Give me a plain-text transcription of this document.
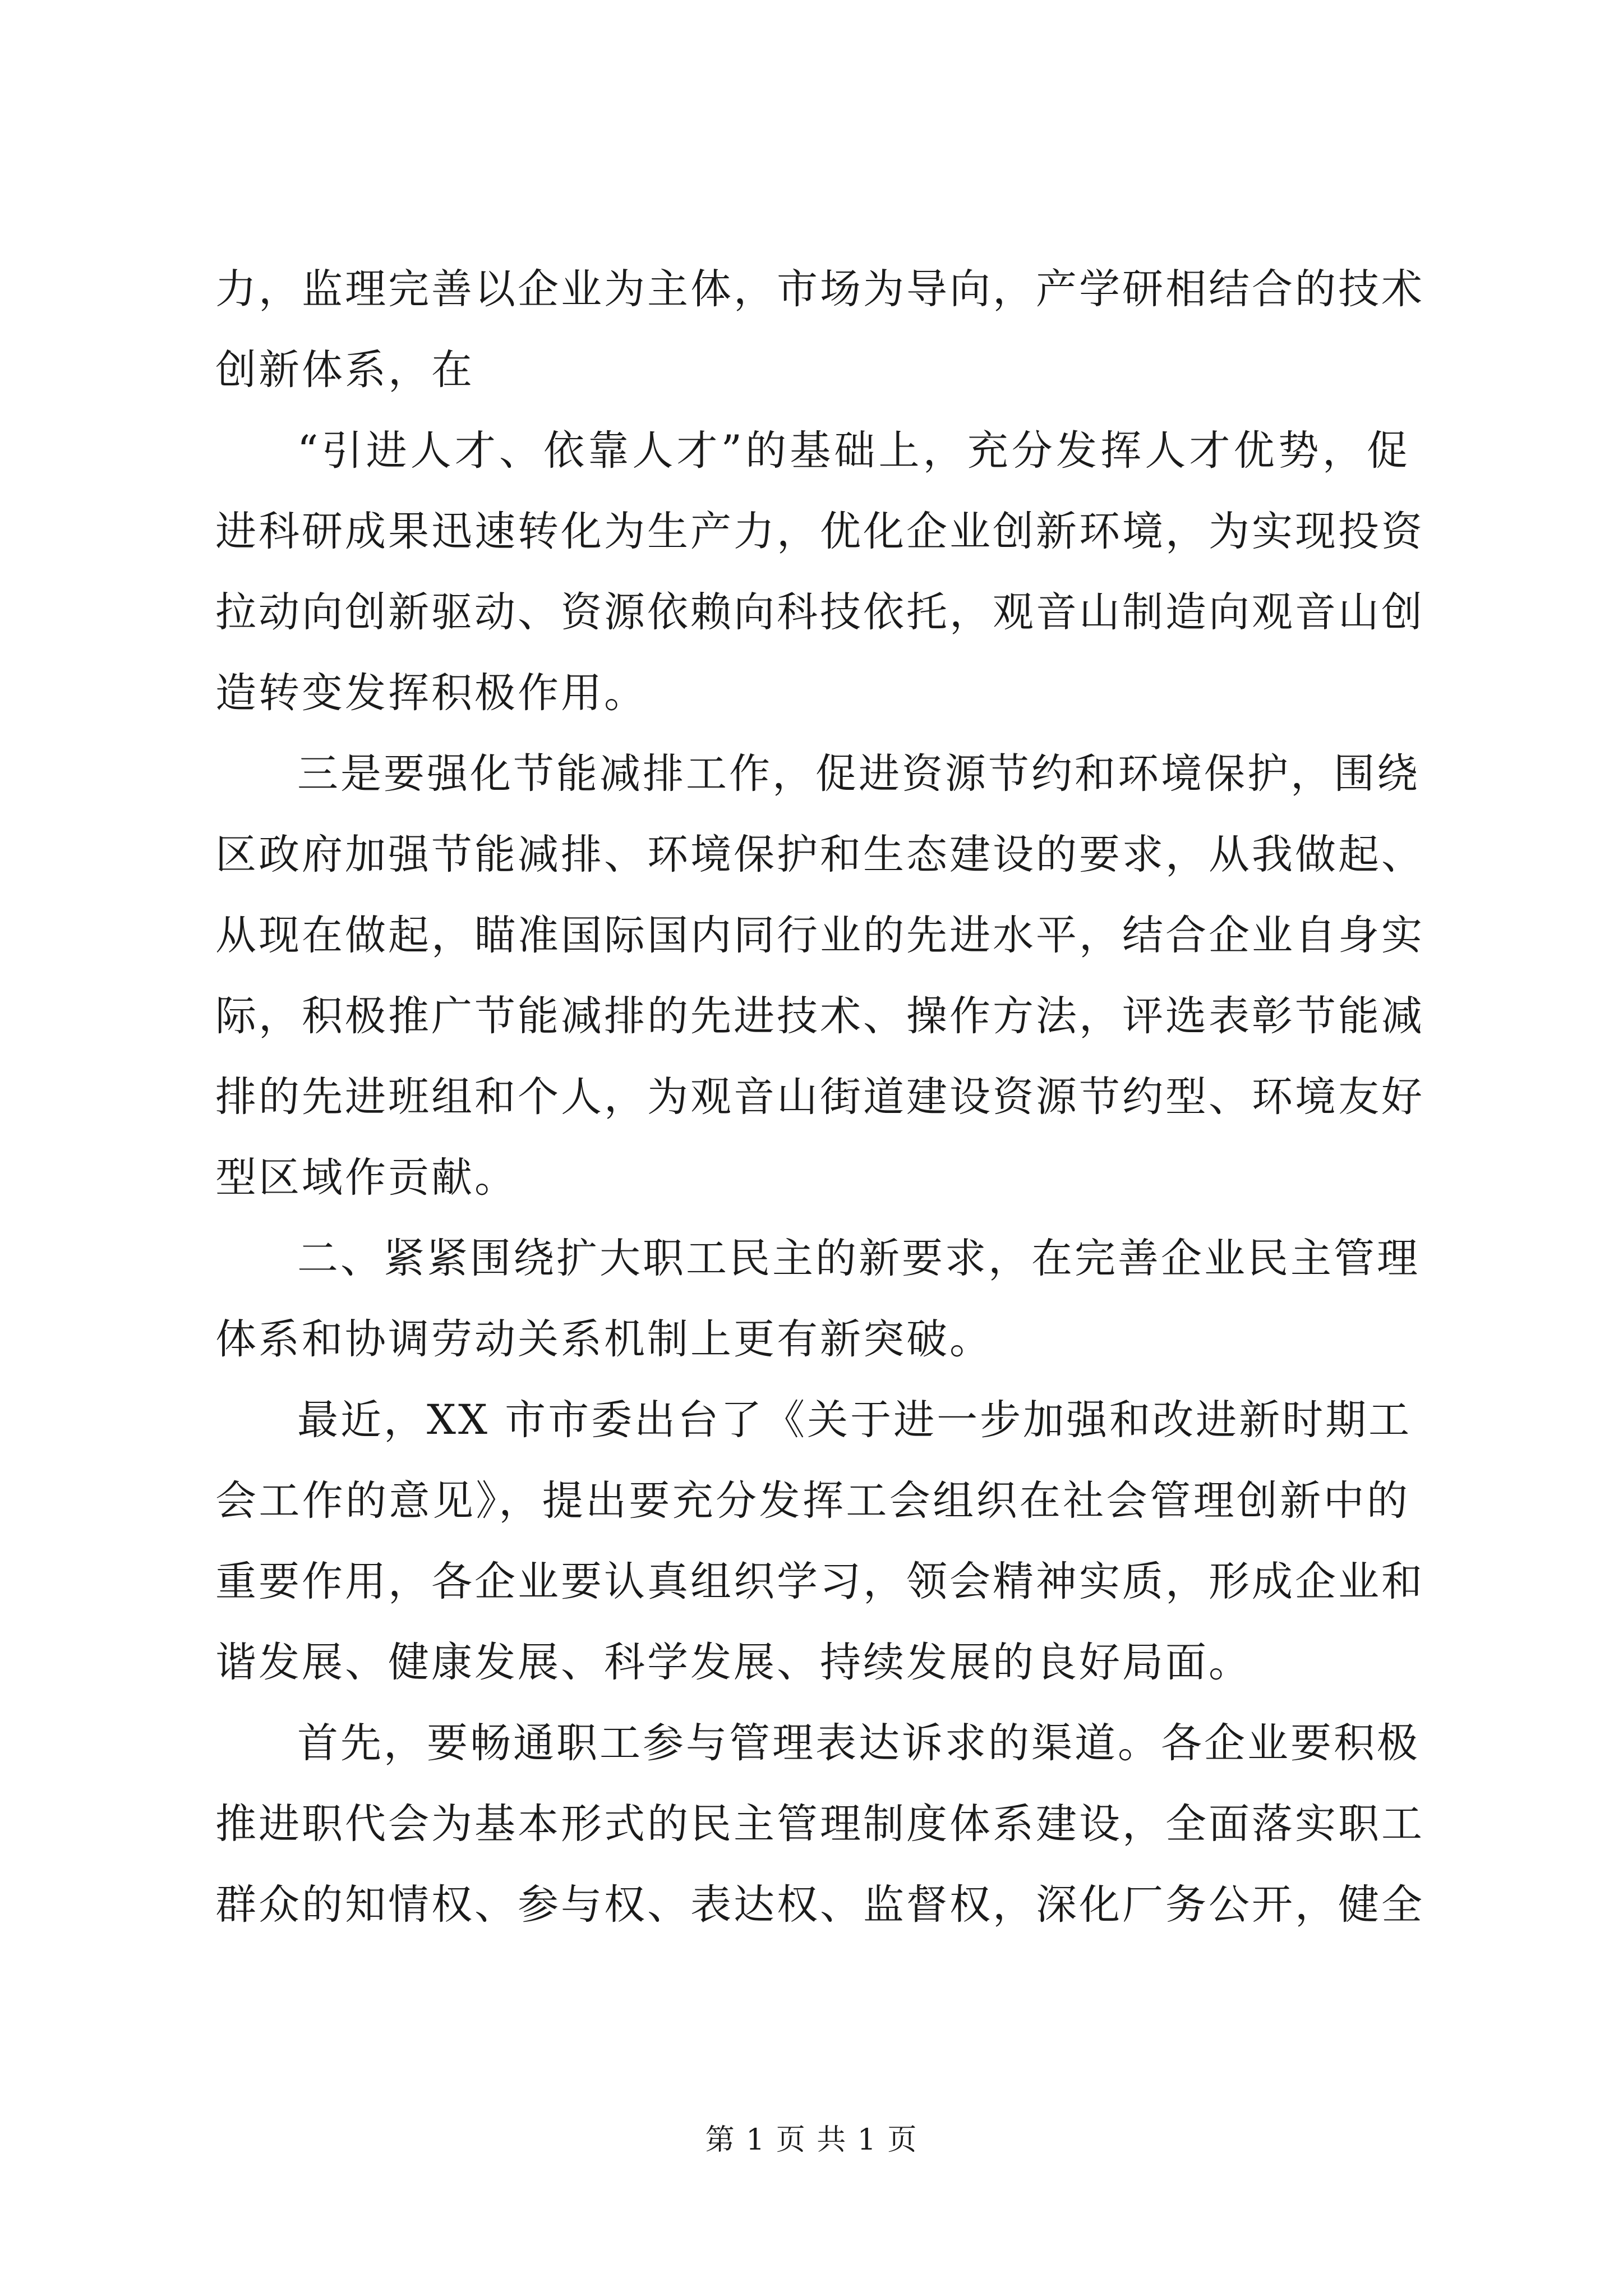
力，监理完善以企业为主体，市场为导向，产学研相结合的技术
创新体系，在
“引进人才、依靠人才”的基础上，充分发挥人才优势，促
进科研成果迅速转化为生产力，优化企业创新环境，为实现投资
拉动向创新驱动、资源依赖向科技依托，观音山制造向观音山创
造转变发挥积极作用。
三是要强化节能减排工作，促进资源节约和环境保护，围绕
区政府加强节能减排、环境保护和生态建设的要求，从我做起、
从现在做起，瞄准国际国内同行业的先进水平，结合企业自身实
际，积极推广节能减排的先进技术、操作方法，评选表彰节能减
排的先进班组和个人，为观音山街道建设资源节约型、环境友好
型区域作贡献。
二、紧紧围绕扩大职工民主的新要求，在完善企业民主管理
体系和协调劳动关系机制上更有新突破。
最近，XX 市市委出台了《关于进一步加强和改进新时期工
会工作的意见》，提出要充分发挥工会组织在社会管理创新中的
重要作用，各企业要认真组织学习，领会精神实质，形成企业和
谐发展、健康发展、科学发展、持续发展的良好局面。
首先，要畅通职工参与管理表达诉求的渠道。各企业要积极
推进职代会为基本形式的民主管理制度体系建设，全面落实职工
群众的知情权、参与权、表达权、监督权，深化厂务公开，健全
第 1 页 共 1 页
